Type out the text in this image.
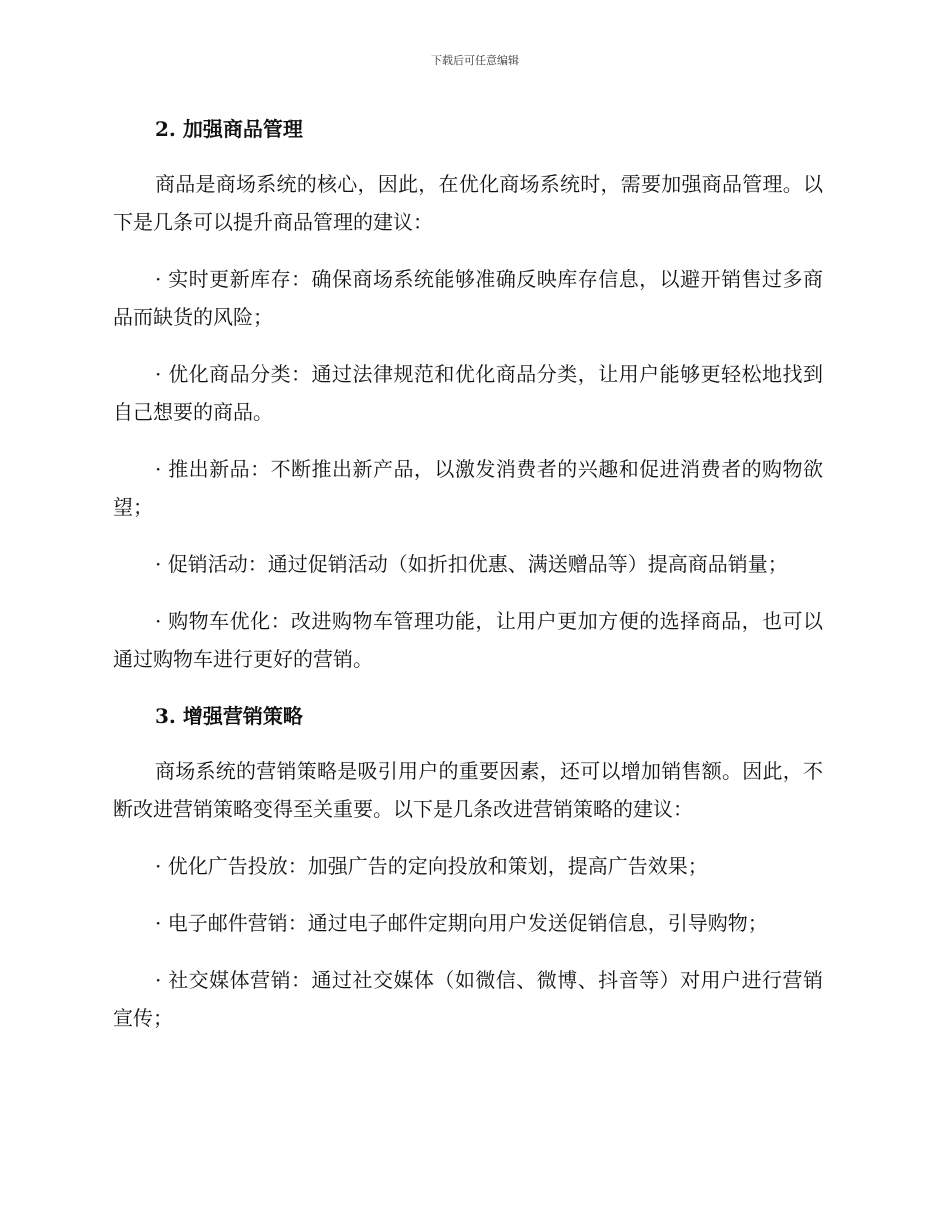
下载后可任意编辑
2. 加强商品管理

商品是商场系统的核心，因此，在优化商场系统时，需要加强商品管理。以下是几条可以提升商品管理的建议：

· 实时更新库存：确保商场系统能够准确反映库存信息，以避开销售过多商品而缺货的风险；

· 优化商品分类：通过法律规范和优化商品分类，让用户能够更轻松地找到自己想要的商品。

· 推出新品：不断推出新产品，以激发消费者的兴趣和促进消费者的购物欲望；

· 促销活动：通过促销活动（如折扣优惠、满送赠品等）提高商品销量；

· 购物车优化：改进购物车管理功能，让用户更加方便的选择商品，也可以通过购物车进行更好的营销。

3. 增强营销策略

商场系统的营销策略是吸引用户的重要因素，还可以增加销售额。因此，不断改进营销策略变得至关重要。以下是几条改进营销策略的建议：

· 优化广告投放：加强广告的定向投放和策划，提高广告效果；

· 电子邮件营销：通过电子邮件定期向用户发送促销信息，引导购物；

· 社交媒体营销：通过社交媒体（如微信、微博、抖音等）对用户进行营销宣传；
